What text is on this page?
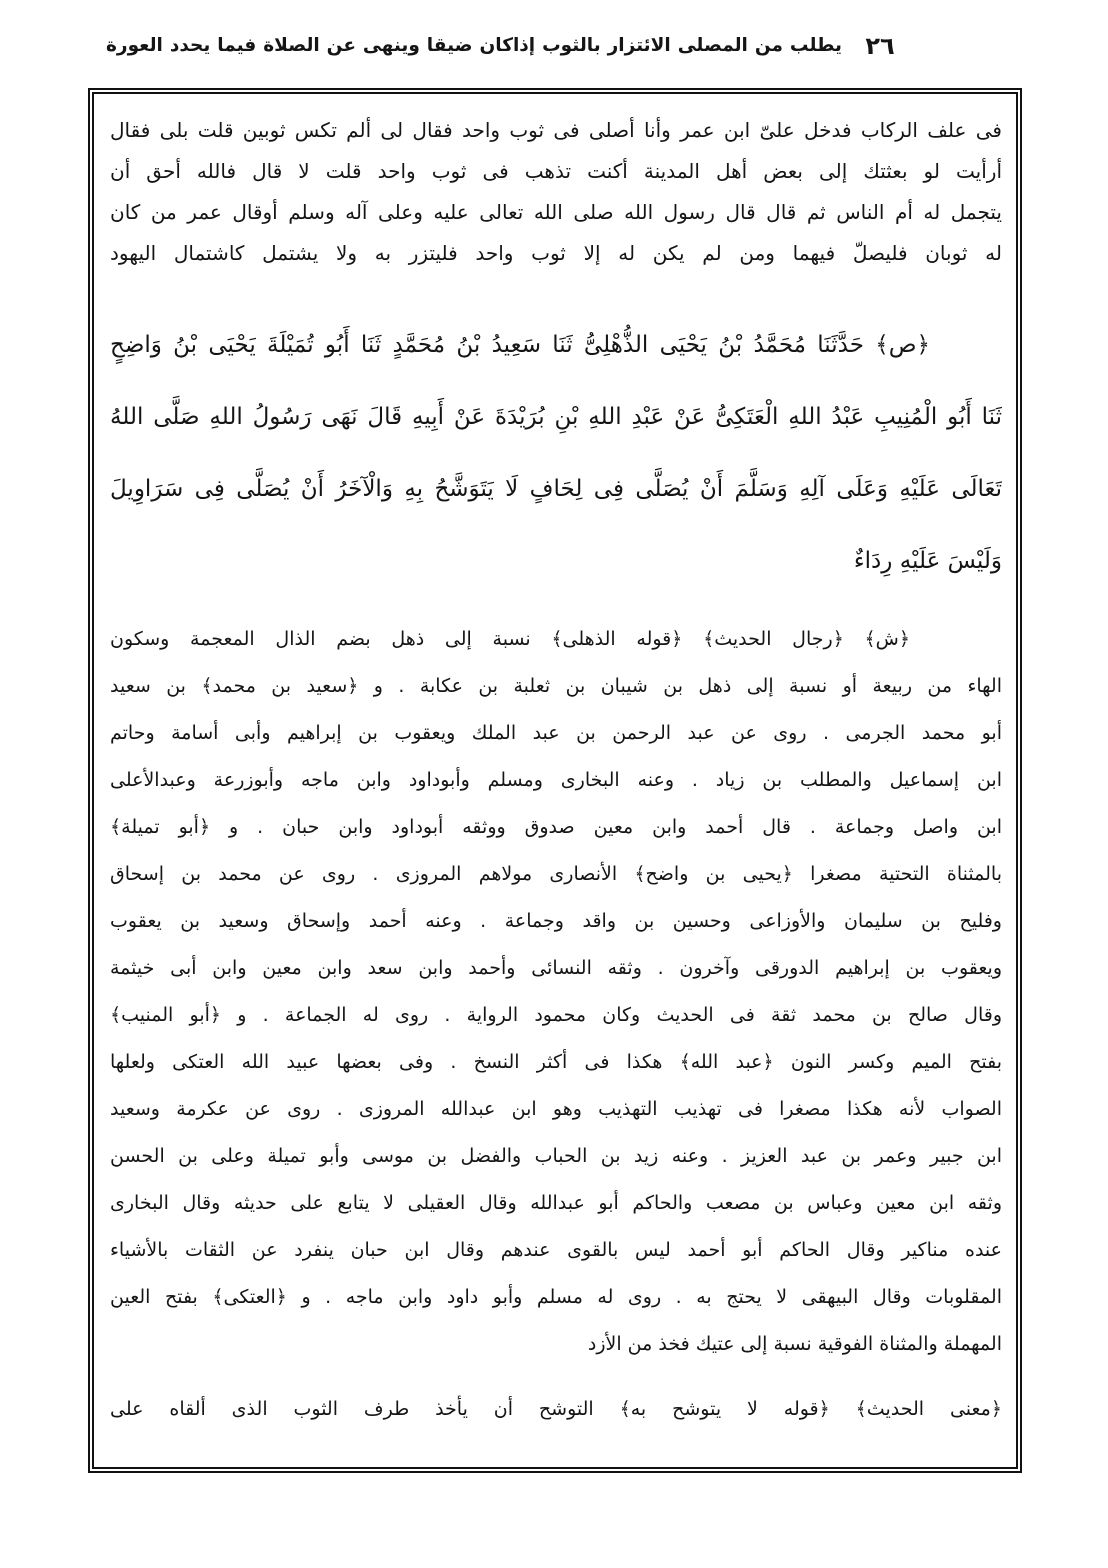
٢٦
يطلب من المصلى الائتزار بالثوب إذاكان ضيقا وينهى عن الصلاة فيما يحدد العورة
فى علف الركاب فدخل علىّ ابن عمر وأنا أصلى فى ثوب واحد فقال لى ألم تكس ثوبين قلت بلى فقال
أرأيت لو بعثتك إلى بعض أهل المدينة أكنت تذهب فى ثوب واحد قلت لا قال فالله أحق أن
يتجمل له أم الناس ثم قال قال رسول الله صلى الله تعالى عليه وعلى آله وسلم أوقال عمر من كان
له ثوبان فليصلّ فيهما ومن لم يكن له إلا ثوب واحد فليتزر به ولا يشتمل كاشتمال اليهود
﴿ص﴾ حَدَّثَنَا مُحَمَّدُ بْنُ يَحْيَى الذُّهْلِىُّ ثَنَا سَعِيدُ بْنُ مُحَمَّدٍ ثَنَا أَبُو تُمَيْلَةَ يَحْيَى بْنُ وَاضِحٍ
ثَنَا أَبُو الْمُنِيبِ عَبْدُ اللهِ الْعَتَكِىُّ عَنْ عَبْدِ اللهِ بْنِ بُرَيْدَةَ عَنْ أَبِيهِ قَالَ نَهَى رَسُولُ اللهِ صَلَّى اللهُ
تَعَالَى عَلَيْهِ وَعَلَى آلِهِ وَسَلَّمَ أَنْ يُصَلَّى فِى لِحَافٍ لَا يَتَوَشَّحُ بِهِ وَالْآخَرُ أَنْ يُصَلَّى فِى سَرَاوِيلَ
وَلَيْسَ عَلَيْهِ رِدَاءٌ
﴿ش﴾ ﴿رجال الحديث﴾ ﴿قوله الذهلى﴾ نسبة إلى ذهل بضم الذال المعجمة وسكون
الهاء من ربيعة أو نسبة إلى ذهل بن شيبان بن ثعلبة بن عكابة . و ﴿سعيد بن محمد﴾ بن سعيد
أبو محمد الجرمى . روى عن عبد الرحمن بن عبد الملك ويعقوب بن إبراهيم وأبى أسامة وحاتم
ابن إسماعيل والمطلب بن زياد . وعنه البخارى ومسلم وأبوداود وابن ماجه وأبوزرعة وعبدالأعلى
ابن واصل وجماعة . قال أحمد وابن معين صدوق ووثقه أبوداود وابن حبان . و ﴿أبو تميلة﴾
بالمثناة التحتية مصغرا ﴿يحيى بن واضح﴾ الأنصارى مولاهم المروزى . روى عن محمد بن إسحاق
وفليح بن سليمان والأوزاعى وحسين بن واقد وجماعة . وعنه أحمد وإسحاق وسعيد بن يعقوب
ويعقوب بن إبراهيم الدورقى وآخرون . وثقه النسائى وأحمد وابن سعد وابن معين وابن أبى خيثمة
وقال صالح بن محمد ثقة فى الحديث وكان محمود الرواية . روى له الجماعة . و ﴿أبو المنيب﴾
بفتح الميم وكسر النون ﴿عبد الله﴾ هكذا فى أكثر النسخ . وفى بعضها عبيد الله العتكى ولعلها
الصواب لأنه هكذا مصغرا فى تهذيب التهذيب وهو ابن عبدالله المروزى . روى عن عكرمة وسعيد
ابن جبير وعمر بن عبد العزيز . وعنه زيد بن الحباب والفضل بن موسى وأبو تميلة وعلى بن الحسن
وثقه ابن معين وعباس بن مصعب والحاكم أبو عبدالله وقال العقيلى لا يتابع على حديثه وقال البخارى
عنده مناكير وقال الحاكم أبو أحمد ليس بالقوى عندهم وقال ابن حبان ينفرد عن الثقات بالأشياء
المقلوبات وقال البيهقى لا يحتج به . روى له مسلم وأبو داود وابن ماجه . و ﴿العتكى﴾ بفتح العين
المهملة والمثناة الفوقية نسبة إلى عتيك فخذ من الأزد
﴿معنى الحديث﴾ ﴿قوله لا يتوشح به﴾ التوشح أن يأخذ طرف الثوب الذى ألقاه على
